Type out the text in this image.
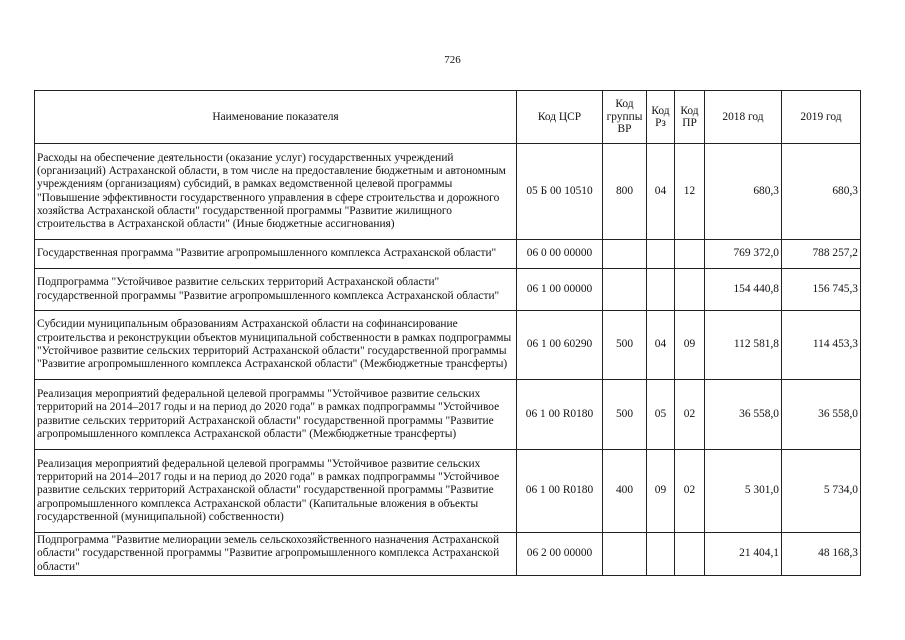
726
Наименование показателя	Код ЦСР	Код группы ВР	Код Рз	Код ПР	2018 год	2019 год
Расходы на обеспечение деятельности (оказание услуг) государственных учреждений (организаций) Астраханской области, в том числе на предоставление бюджетным и автономным учреждениям (организациям) субсидий, в рамках ведомственной целевой программы "Повышение эффективности государственного управления в сфере строительства и дорожного хозяйства Астраханской области" государственной программы "Развитие жилищного строительства в Астраханской области" (Иные бюджетные ассигнования)	05 Б 00 10510	800	04	12	680,3	680,3
Государственная программа "Развитие агропромышленного комплекса Астраханской области"	06 0 00 00000				769 372,0	788 257,2
Подпрограмма "Устойчивое развитие сельских территорий Астраханской области" государственной программы "Развитие агропромышленного комплекса Астраханской области"	06 1 00 00000				154 440,8	156 745,3
Субсидии муниципальным образованиям Астраханской области на софинансирование строительства и реконструкции объектов муниципальной собственности в рамках подпрограммы "Устойчивое развитие сельских территорий Астраханской области" государственной программы "Развитие агропромышленного комплекса Астраханской области" (Межбюджетные трансферты)	06 1 00 60290	500	04	09	112 581,8	114 453,3
Реализация мероприятий федеральной целевой программы "Устойчивое развитие сельских территорий на 2014–2017 годы и на период до 2020 года" в рамках подпрограммы "Устойчивое развитие сельских территорий Астраханской области" государственной программы "Развитие агропромышленного комплекса Астраханской области" (Межбюджетные трансферты)	06 1 00 R0180	500	05	02	36 558,0	36 558,0
Реализация мероприятий федеральной целевой программы "Устойчивое развитие сельских территорий на 2014–2017 годы и на период до 2020 года" в рамках подпрограммы "Устойчивое развитие сельских территорий Астраханской области" государственной программы "Развитие агропромышленного комплекса Астраханской области" (Капитальные вложения в объекты государственной (муниципальной) собственности)	06 1 00 R0180	400	09	02	5 301,0	5 734,0
Подпрограмма "Развитие мелиорации земель сельскохозяйственного назначения Астраханской области" государственной программы "Развитие агропромышленного комплекса Астраханской области"	06 2 00 00000				21 404,1	48 168,3
